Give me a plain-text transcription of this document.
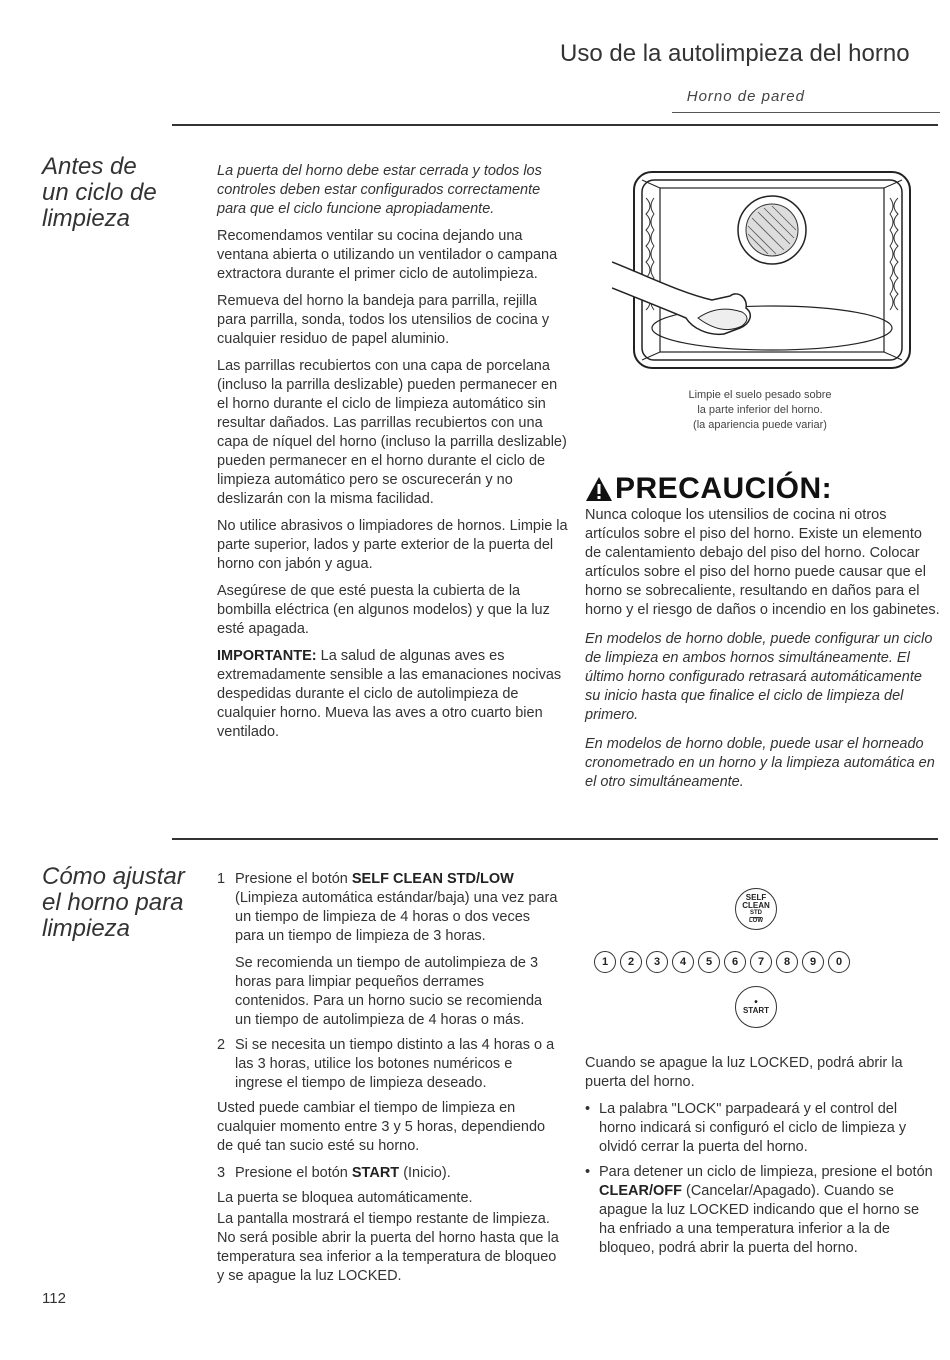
Uso de la autolimpieza del horno
Horno de pared
Antes de
un ciclo de
limpieza

La puerta del horno debe estar cerrada y todos los controles deben estar configurados correctamente para que el ciclo funcione apropiadamente.

Recomendamos ventilar su cocina dejando una ventana abierta o utilizando un ventilador o campana extractora durante el primer ciclo de autolimpieza.

Remueva del horno la bandeja para parrilla, rejilla para parrilla, sonda, todos los utensilios de cocina y cualquier residuo de papel aluminio.

Las parrillas recubiertos con una capa de porcelana (incluso la parrilla deslizable) pueden permanecer en el horno durante el ciclo de limpieza automático sin resultar dañados. Las parrillas recubiertos con una capa de níquel del horno (incluso la parrilla deslizable) pueden permanecer en el horno durante el ciclo de limpieza automático pero se oscurecerán y no deslizarán con la misma facilidad.

No utilice abrasivos o limpiadores de hornos. Limpie la parte superior, lados y parte exterior de la puerta del horno con jabón y agua.

Asegúrese de que esté puesta la cubierta de la bombilla eléctrica (en algunos modelos) y que la luz esté apagada.

IMPORTANTE: La salud de algunas aves es extremadamente sensible a las emanaciones nocivas despedidas durante el ciclo de autolimpieza de cualquier horno. Mueva las aves a otro cuarto bien ventilado.

Limpie el suelo pesado sobre
la parte inferior del horno.
(la apariencia puede variar)
PRECAUCIÓN:
Nunca coloque los utensilios de cocina ni otros artículos sobre el piso del horno. Existe un elemento de calentamiento debajo del piso del horno. Colocar artículos sobre el piso del horno puede causar que el horno se sobrecaliente, resultando en daños para el horno y el riesgo de daños o incendio en los gabinetes.
En modelos de horno doble, puede configurar un ciclo de limpieza en ambos hornos simultáneamente. El último horno configurado retrasará automáticamente su inicio hasta que finalice el ciclo de limpieza del primero.
En modelos de horno doble, puede usar el horneado cronometrado en un horno y la limpieza automática en el otro simultáneamente.
Cómo ajustar
el horno para
limpieza
1 Presione el botón SELF CLEAN STD/LOW (Limpieza automática estándar/baja) una vez para un tiempo de limpieza de 4 horas o dos veces para un tiempo de limpieza de 3 horas.
Se recomienda un tiempo de autolimpieza de 3 horas para limpiar pequeños derrames contenidos. Para un horno sucio se recomienda un tiempo de autolimpieza de 4 horas o más.
2 Si se necesita un tiempo distinto a las 4 horas o a las 3 horas, utilice los botones numéricos e ingrese el tiempo de limpieza deseado.

Usted puede cambiar el tiempo de limpieza en cualquier momento entre 3 y 5 horas, dependiendo de qué tan sucio esté su horno.

3 Presione el botón START (Inicio).

La puerta se bloquea automáticamente.

La pantalla mostrará el tiempo restante de limpieza. No será posible abrir la puerta del horno hasta que la temperatura sea inferior a la temperatura de bloqueo y se apague la luz LOCKED.

SELF
CLEAN
STD
LOW
1	2	3	4	5	6	7	8	9	0
•
START

Cuando se apague la luz LOCKED, podrá abrir la puerta del horno.

• La palabra "LOCK" parpadeará y el control del horno indicará si configuró el ciclo de limpieza y olvidó cerrar la puerta del horno.
• Para detener un ciclo de limpieza, presione el botón CLEAR/OFF (Cancelar/Apagado). Cuando se apague la luz LOCKED indicando que el horno se ha enfriado a una temperatura inferior a la de bloqueo, podrá abrir la puerta del horno.
112
